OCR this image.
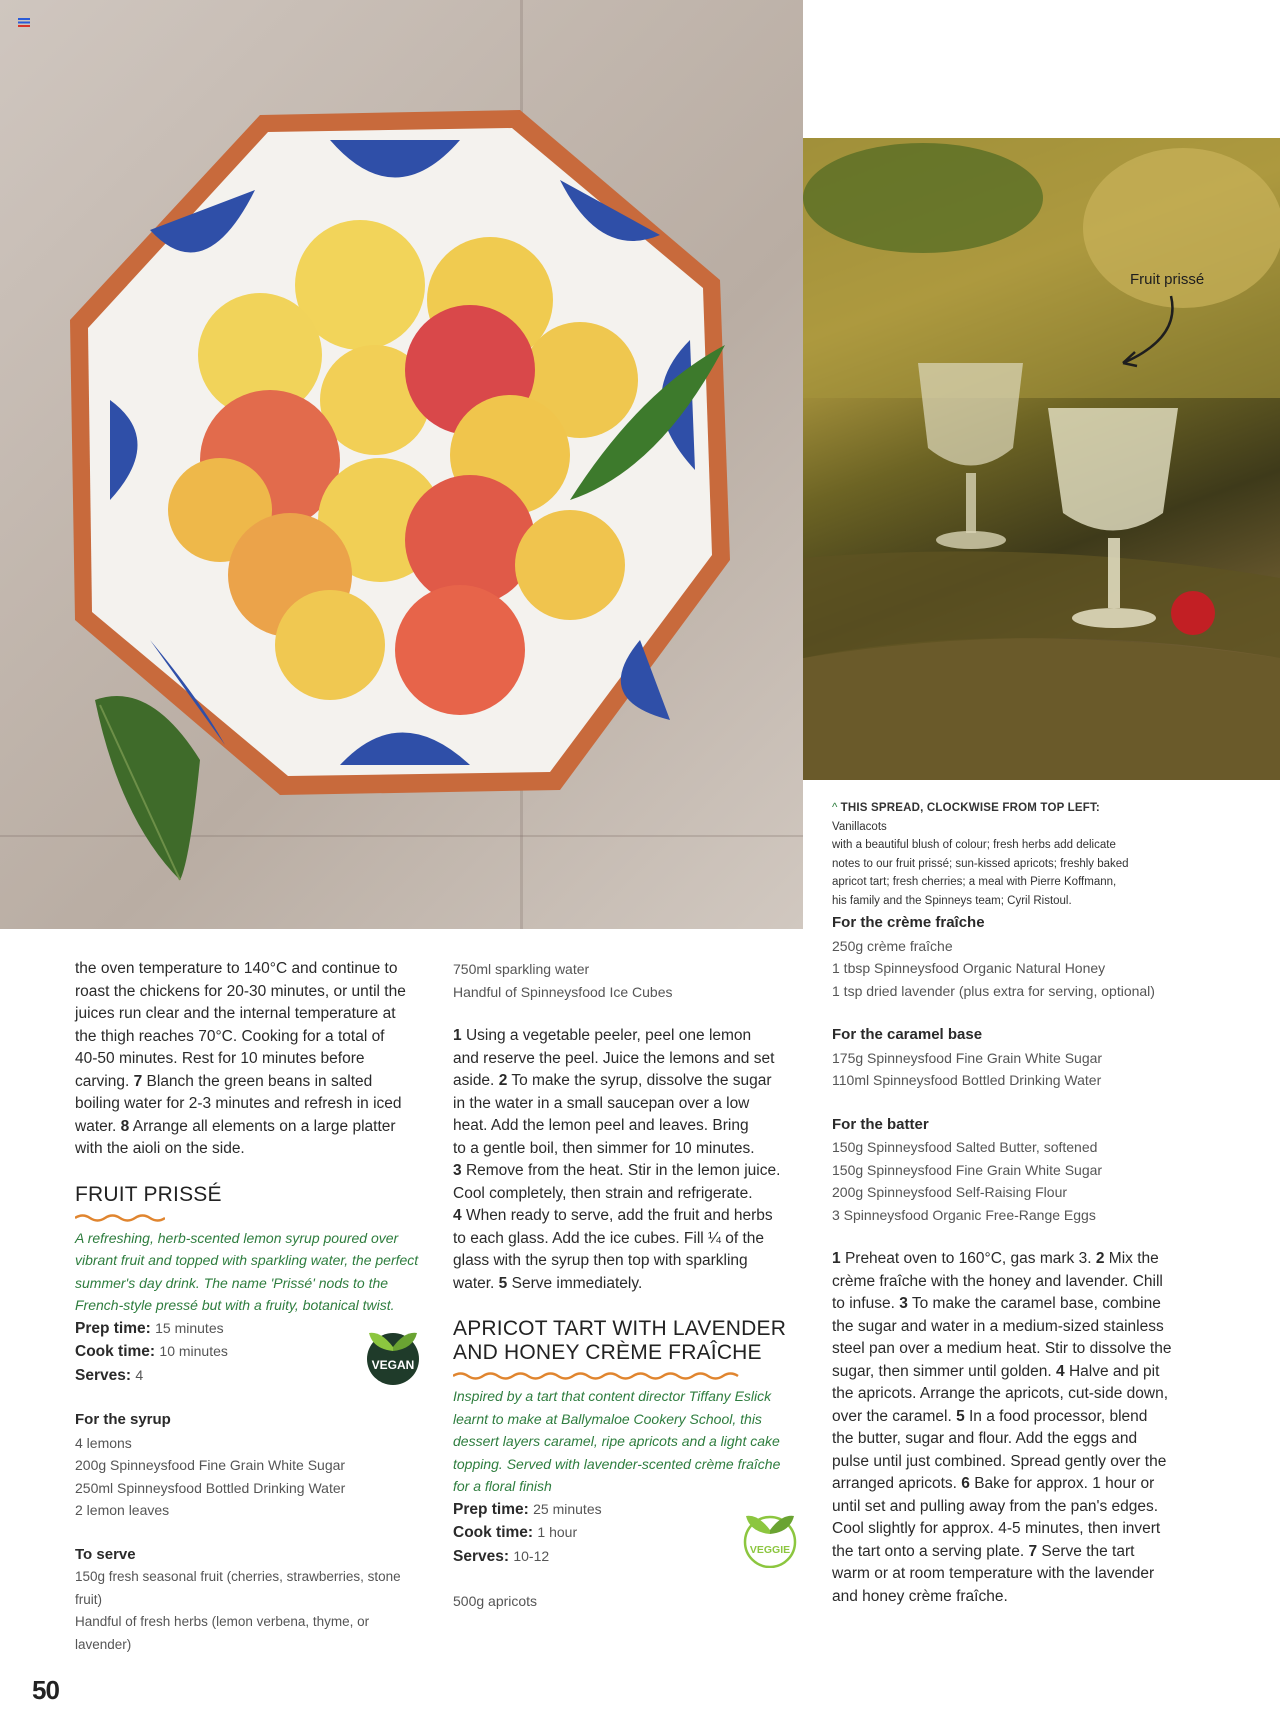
Fruit prissé
^ THIS SPREAD, CLOCKWISE FROM TOP LEFT: Vanillacots
with a beautiful blush of colour; fresh herbs add delicate
notes to our fruit prissé; sun-kissed apricots; freshly baked
apricot tart; fresh cherries; a meal with Pierre Koffmann,
his family and the Spinneys team; Cyril Ristoul.
the oven temperature to 140°C and continue to
roast the chickens for 20-30 minutes, or until the
juices run clear and the internal temperature at
the thigh reaches 70°C. Cooking for a total of
40-50 minutes. Rest for 10 minutes before
carving. 7 Blanch the green beans in salted
boiling water for 2-3 minutes and refresh in iced
water. 8 Arrange all elements on a large platter
with the aioli on the side.
FRUIT PRISSÉ
A refreshing, herb-scented lemon syrup poured over
vibrant fruit and topped with sparkling water, the perfect
summer's day drink. The name 'Prissé' nods to the
French-style pressé but with a fruity, botanical twist.
Prep time: 15 minutes
Cook time: 10 minutes
Serves: 4
For the syrup
4 lemons
200g Spinneysfood Fine Grain White Sugar
250ml Spinneysfood Bottled Drinking Water
2 lemon leaves
To serve
150g fresh seasonal fruit (cherries, strawberries, stone fruit)
Handful of fresh herbs (lemon verbena, thyme, or lavender)
VEGAN
750ml sparkling water
Handful of Spinneysfood Ice Cubes
1 Using a vegetable peeler, peel one lemon
and reserve the peel. Juice the lemons and set
aside. 2 To make the syrup, dissolve the sugar
in the water in a small saucepan over a low
heat. Add the lemon peel and leaves. Bring
to a gentle boil, then simmer for 10 minutes.
3 Remove from the heat. Stir in the lemon juice.
Cool completely, then strain and refrigerate.
4 When ready to serve, add the fruit and herbs
to each glass. Add the ice cubes. Fill ¼ of the
glass with the syrup then top with sparkling
water. 5 Serve immediately.
APRICOT TART WITH LAVENDER
AND HONEY CRÈME FRAÎCHE
Inspired by a tart that content director Tiffany Eslick
learnt to make at Ballymaloe Cookery School, this
dessert layers caramel, ripe apricots and a light cake
topping. Served with lavender-scented crème fraîche
for a floral finish
Prep time: 25 minutes
Cook time: 1 hour
Serves: 10-12
500g apricots
VEGGIE
For the crème fraîche
250g crème fraîche
1 tbsp Spinneysfood Organic Natural Honey
1 tsp dried lavender (plus extra for serving, optional)
For the caramel base
175g Spinneysfood Fine Grain White Sugar
110ml Spinneysfood Bottled Drinking Water
For the batter
150g Spinneysfood Salted Butter, softened
150g Spinneysfood Fine Grain White Sugar
200g Spinneysfood Self-Raising Flour
3 Spinneysfood Organic Free-Range Eggs
1 Preheat oven to 160°C, gas mark 3. 2 Mix the
crème fraîche with the honey and lavender. Chill
to infuse. 3 To make the caramel base, combine
the sugar and water in a medium-sized stainless
steel pan over a medium heat. Stir to dissolve the
sugar, then simmer until golden. 4 Halve and pit
the apricots. Arrange the apricots, cut-side down,
over the caramel. 5 In a food processor, blend
the butter, sugar and flour. Add the eggs and
pulse until just combined. Spread gently over the
arranged apricots. 6 Bake for approx. 1 hour or
until set and pulling away from the pan's edges.
Cool slightly for approx. 4-5 minutes, then invert
the tart onto a serving plate. 7 Serve the tart
warm or at room temperature with the lavender
and honey crème fraîche.
50
